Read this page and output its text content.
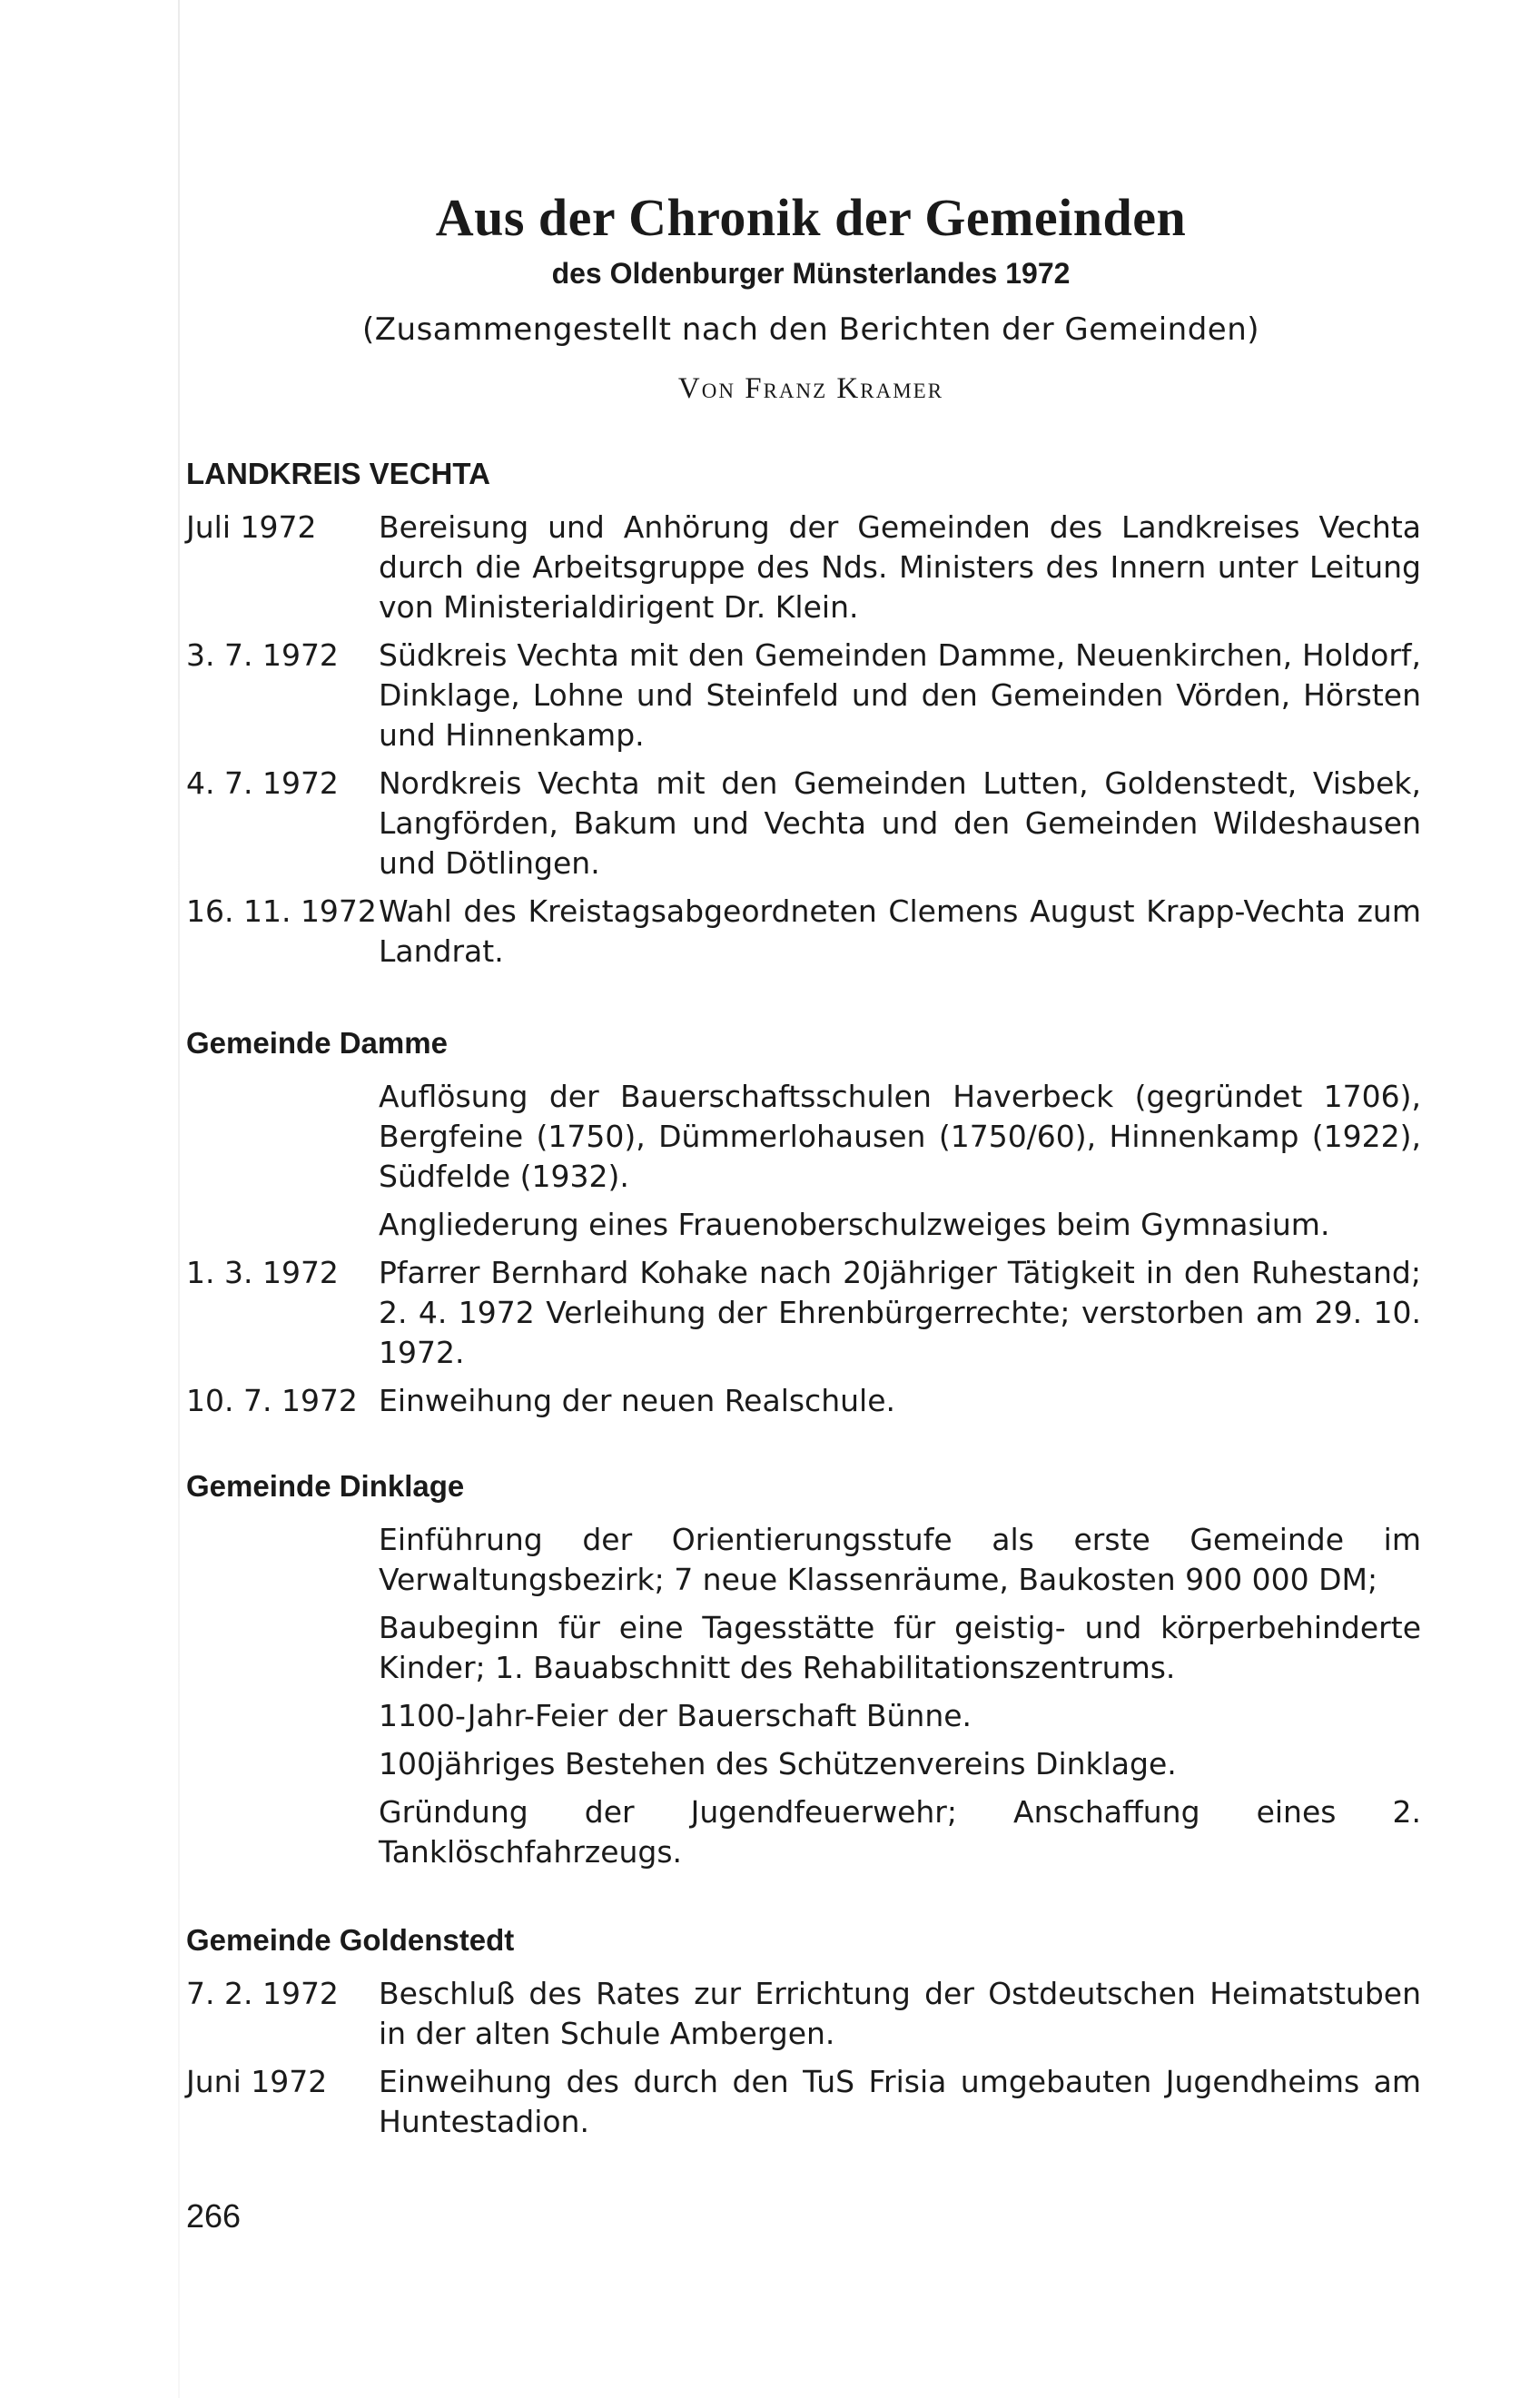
Aus der Chronik der Gemeinden
des Oldenburger Münsterlandes 1972
(Zusammengestellt nach den Berichten der Gemeinden)
Von Franz Kramer
LANDKREIS VECHTA
Juli 1972	Bereisung und Anhörung der Gemeinden des Landkreises Vechta durch die Arbeitsgruppe des Nds. Ministers des Innern unter Leitung von Ministerialdirigent Dr. Klein.
3. 7. 1972	Südkreis Vechta mit den Gemeinden Damme, Neuenkirchen, Holdorf, Dinklage, Lohne und Steinfeld und den Gemeinden Vörden, Hörsten und Hinnenkamp.
4. 7. 1972	Nordkreis Vechta mit den Gemeinden Lutten, Goldenstedt, Visbek, Langförden, Bakum und Vechta und den Gemeinden Wildeshausen und Dötlingen.
16. 11. 1972 Wahl des Kreistagsabgeordneten Clemens August Krapp-Vechta zum Landrat.
Gemeinde Damme
Auflösung der Bauerschaftsschulen Haverbeck (gegründet 1706), Bergfeine (1750), Dümmerlohausen (1750/60), Hinnenkamp (1922), Südfelde (1932).
Angliederung eines Frauenoberschulzweiges beim Gymnasium.
1. 3. 1972	Pfarrer Bernhard Kohake nach 20jähriger Tätigkeit in den Ruhestand; 2. 4. 1972 Verleihung der Ehrenbürgerrechte; verstorben am 29. 10. 1972.
10. 7. 1972 Einweihung der neuen Realschule.
Gemeinde Dinklage
Einführung der Orientierungsstufe als erste Gemeinde im Verwaltungsbezirk; 7 neue Klassenräume, Baukosten 900 000 DM;
Baubeginn für eine Tagesstätte für geistig- und körperbehinderte Kinder; 1. Bauabschnitt des Rehabilitationszentrums.
1100-Jahr-Feier der Bauerschaft Bünne.
100jähriges Bestehen des Schützenvereins Dinklage.
Gründung der Jugendfeuerwehr; Anschaffung eines 2. Tanklöschfahrzeugs.
Gemeinde Goldenstedt
7. 2. 1972	Beschluß des Rates zur Errichtung der Ostdeutschen Heimatstuben in der alten Schule Ambergen.
Juni 1972	Einweihung des durch den TuS Frisia umgebauten Jugendheims am Huntestadion.
266
